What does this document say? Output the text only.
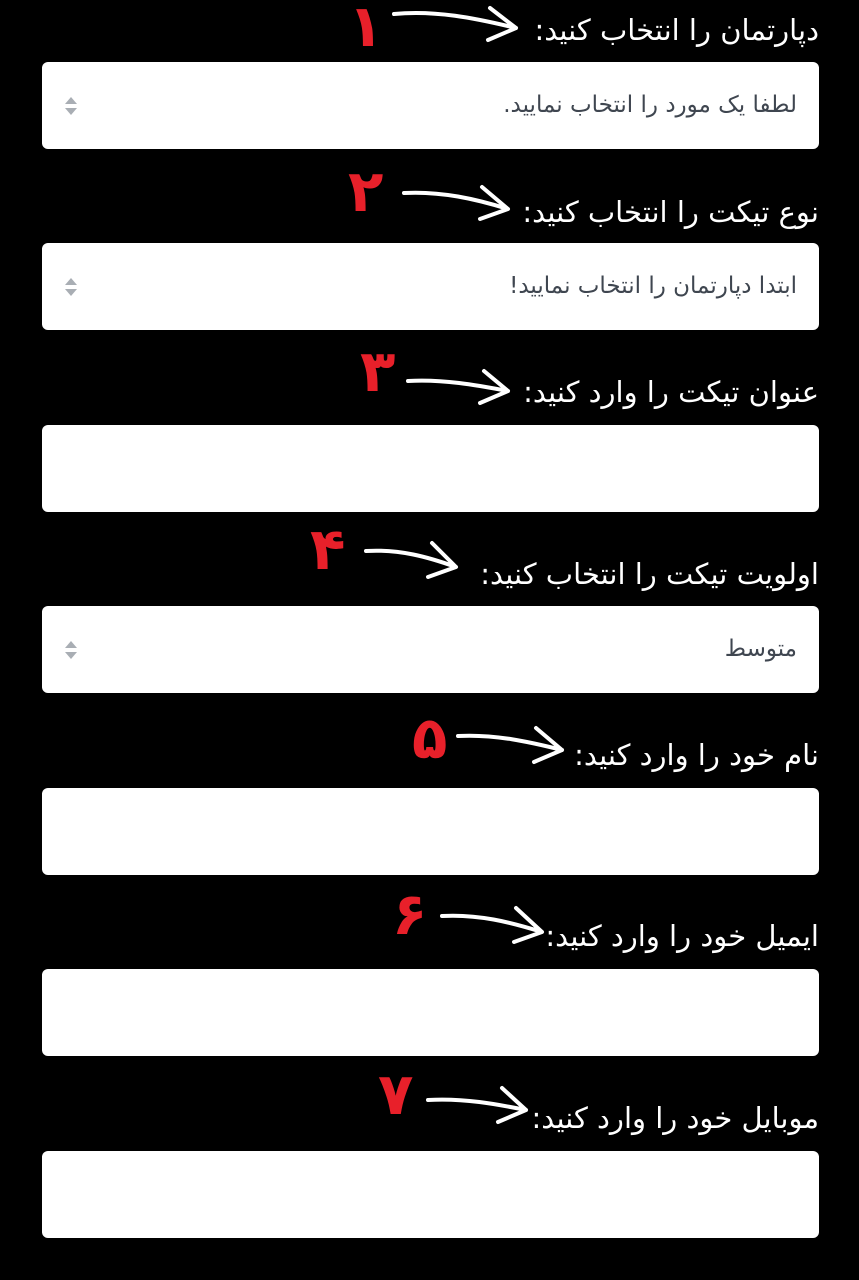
۱	دپارتمان را انتخاب کنید:
لطفا یک مورد را انتخاب نمایید.
۲	نوع تیکت را انتخاب کنید:
ابتدا دپارتمان را انتخاب نمایید!
۳	عنوان تیکت را وارد کنید:
۴	اولویت تیکت را انتخاب کنید:
متوسط
۵	نام خود را وارد کنید:
۶	ایمیل خود را وارد کنید:
۷	موبایل خود را وارد کنید:
